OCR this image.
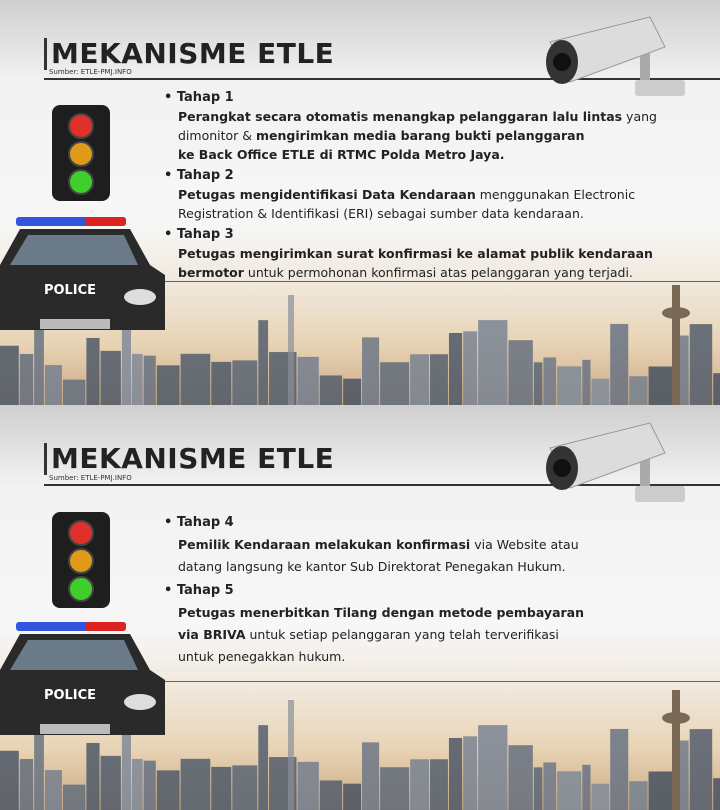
MEKANISME ETLE
Sumber: ETLE-PMJ.INFO
POLICE
• Tahap 1
Perangkat secara otomatis menangkap pelanggaran lalu lintas yang
dimonitor & mengirimkan media barang bukti pelanggaran
ke Back Office ETLE di RTMC Polda Metro Jaya.
• Tahap 2
Petugas mengidentifikasi Data Kendaraan menggunakan Electronic
Registration & Identifikasi (ERI) sebagai sumber data kendaraan.
• Tahap 3
Petugas mengirimkan surat konfirmasi ke alamat publik kendaraan
bermotor untuk permohonan konfirmasi atas pelanggaran yang terjadi.
MEKANISME ETLE
Sumber: ETLE-PMJ.INFO
POLICE
• Tahap 4
Pemilik Kendaraan melakukan konfirmasi via Website atau
datang langsung ke kantor Sub Direktorat Penegakan Hukum.
• Tahap 5
Petugas menerbitkan Tilang dengan metode pembayaran
via BRIVA untuk setiap pelanggaran yang telah terverifikasi
untuk penegakkan hukum.
